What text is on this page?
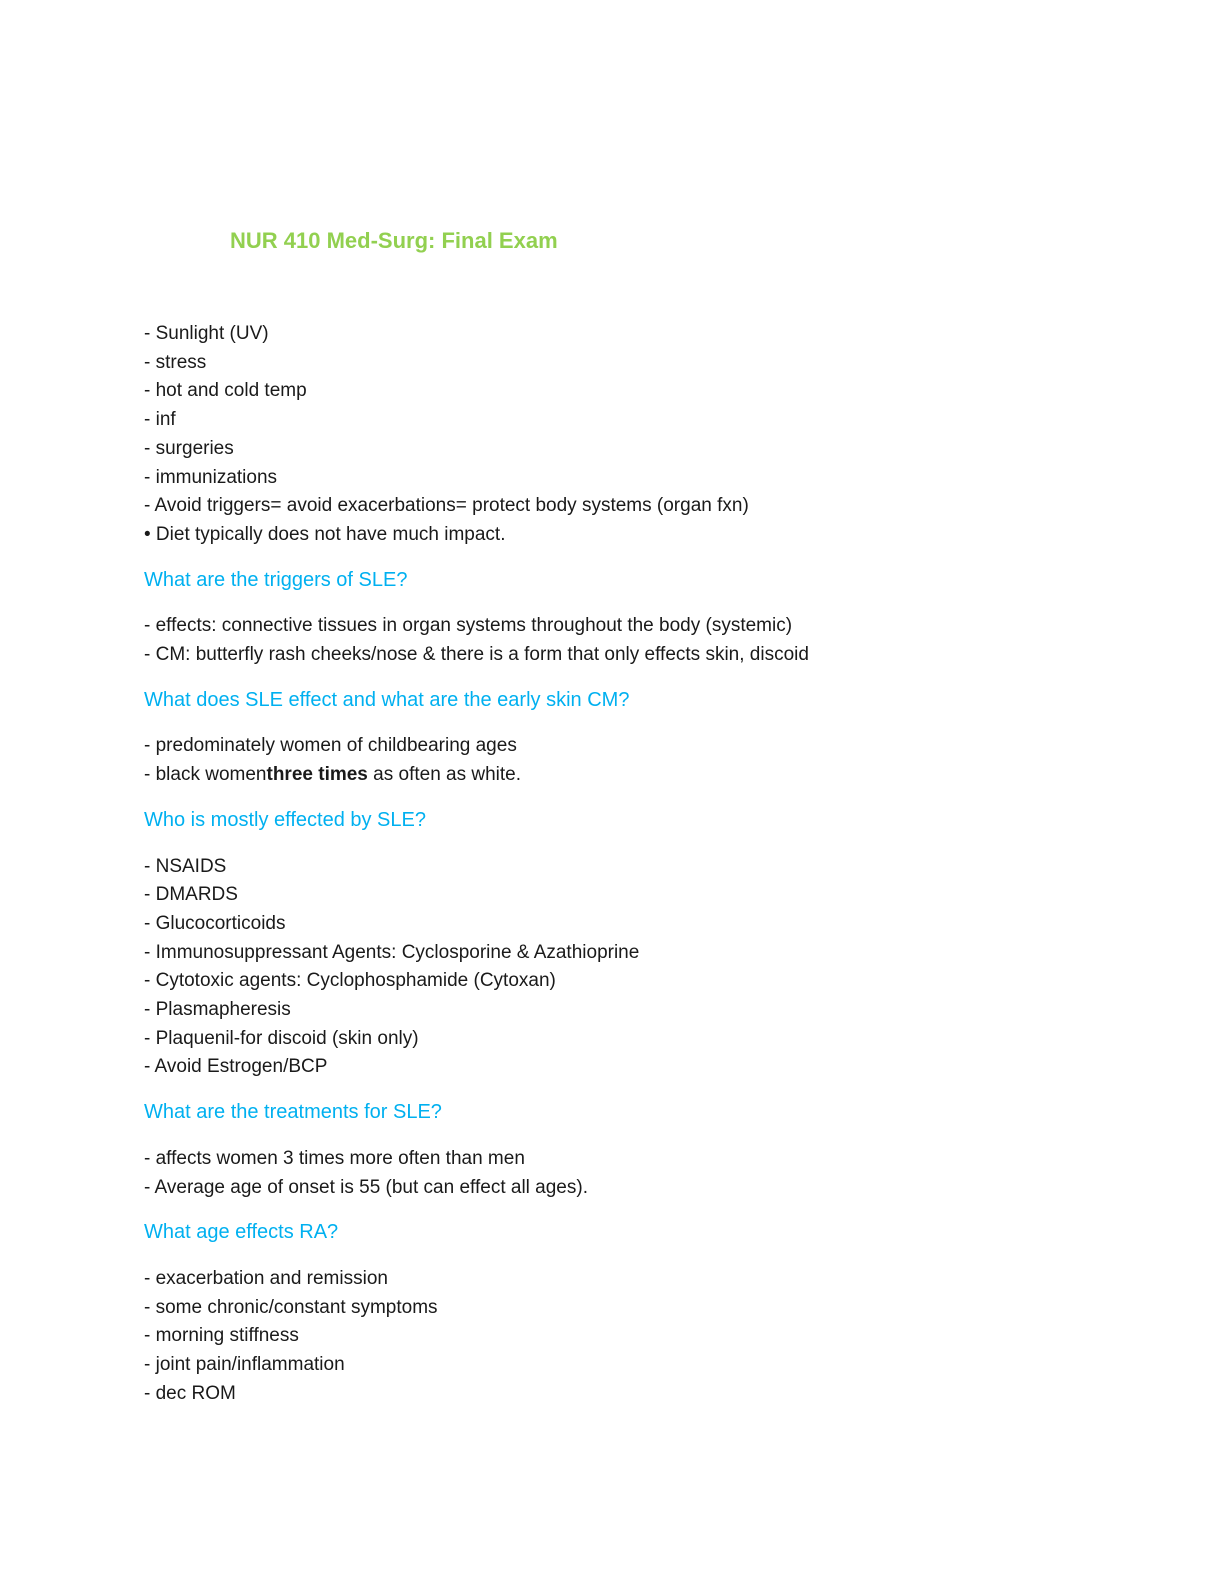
NUR 410 Med-Surg: Final Exam

- Sunlight (UV)

- stress

- hot and cold temp

- inf

- surgeries

- immunizations

- Avoid triggers= avoid exacerbations= protect body systems (organ fxn)

• Diet typically does not have much impact.

What are the triggers of SLE?

- effects: connective tissues in organ systems throughout the body (systemic)

- CM: butterfly rash cheeks/nose & there is a form that only effects skin, discoid

What does SLE effect and what are the early skin CM?

- predominately women of childbearing ages

- black womenthree times as often as white.

Who is mostly effected by SLE?

- NSAIDS

- DMARDS

- Glucocorticoids

- Immunosuppressant Agents: Cyclosporine & Azathioprine

- Cytotoxic agents: Cyclophosphamide (Cytoxan)

- Plasmapheresis

- Plaquenil-for discoid (skin only)

- Avoid Estrogen/BCP

What are the treatments for SLE?

- affects women 3 times more often than men

- Average age of onset is 55 (but can effect all ages).

What age effects RA?

- exacerbation and remission

- some chronic/constant symptoms

- morning stiffness

- joint pain/inflammation

- dec ROM
